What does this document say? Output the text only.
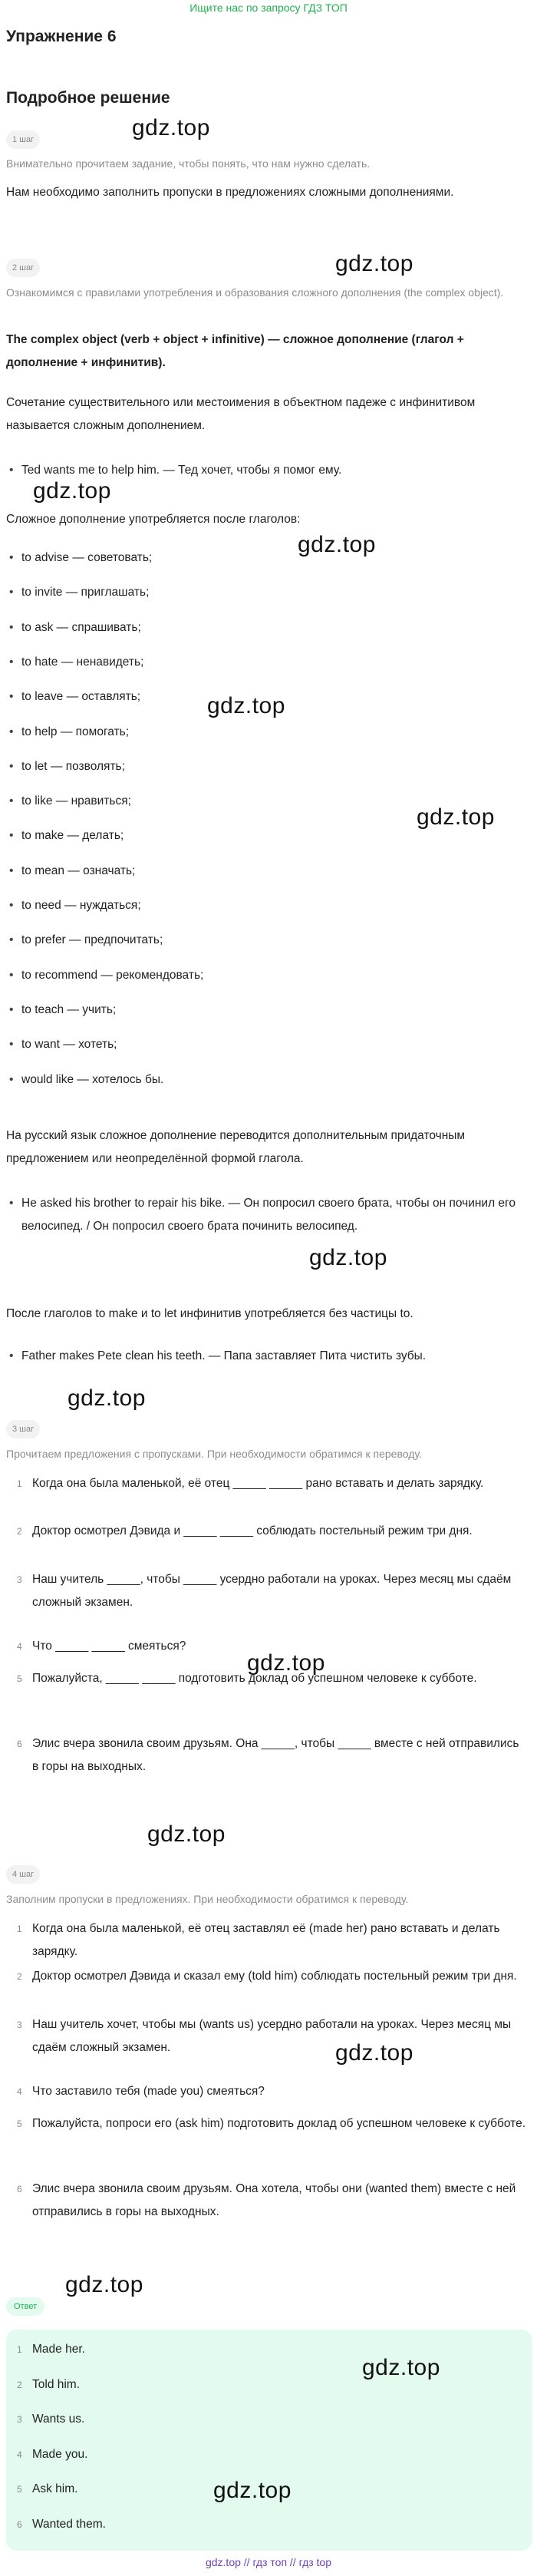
Ищите нас по запросу ГДЗ ТОП
Упражнение 6
Подробное решение
1 шаг
Внимательно прочитаем задание, чтобы понять, что нам нужно сделать.
Нам необходимо заполнить пропуски в предложениях сложными дополнениями.
2 шаг
Ознакомимся с правилами употребления и образования сложного дополнения (the complex object).
The complex object (verb + object + infinitive) — сложное дополнение (глагол + дополнение + инфинитив).
Сочетание существительного или местоимения в объектном падеже с инфинитивом называется сложным дополнением.
• Ted wants me to help him. — Тед хочет, чтобы я помог ему.
Сложное дополнение употребляется после глаголов:
• to advise — советовать;
• to invite — приглашать;
• to ask — спрашивать;
• to hate — ненавидеть;
• to leave — оставлять;
• to help — помогать;
• to let — позволять;
• to like — нравиться;
• to make — делать;
• to mean — означать;
• to need — нуждаться;
• to prefer — предпочитать;
• to recommend — рекомендовать;
• to teach — учить;
• to want — хотеть;
• would like — хотелось бы.
На русский язык сложное дополнение переводится дополнительным придаточным предложением или неопределённой формой глагола.
• He asked his brother to repair his bike. — Он попросил своего брата, чтобы он починил его велосипед. / Он попросил своего брата починить велосипед.
После глаголов to make и to let инфинитив употребляется без частицы to.
• Father makes Pete clean his teeth. — Папа заставляет Пита чистить зубы.
3 шаг
Прочитаем предложения с пропусками. При необходимости обратимся к переводу.
1 Когда она была маленькой, её отец _____ _____ рано вставать и делать зарядку.
2 Доктор осмотрел Дэвида и _____ _____ соблюдать постельный режим три дня.
3 Наш учитель _____, чтобы _____ усердно работали на уроках. Через месяц мы сдаём сложный экзамен.
4 Что _____ _____ смеяться?
5 Пожалуйста, _____ _____ подготовить доклад об успешном человеке к субботе.
6 Элис вчера звонила своим друзьям. Она _____, чтобы _____ вместе с ней отправились в горы на выходных.
4 шаг
Заполним пропуски в предложениях. При необходимости обратимся к переводу.
1 Когда она была маленькой, её отец заставлял её (made her) рано вставать и делать зарядку.
2 Доктор осмотрел Дэвида и сказал ему (told him) соблюдать постельный режим три дня.
3 Наш учитель хочет, чтобы мы (wants us) усердно работали на уроках. Через месяц мы сдаём сложный экзамен.
4 Что заставило тебя (made you) смеяться?
5 Пожалуйста, попроси его (ask him) подготовить доклад об успешном человеке к субботе.
6 Элис вчера звонила своим друзьям. Она хотела, чтобы они (wanted them) вместе с ней отправились в горы на выходных.
Ответ
1 Made her.
2 Told him.
3 Wants us.
4 Made you.
5 Ask him.
6 Wanted them.
gdz.top
gdz.top
gdz.top
gdz.top
gdz.top
gdz.top
gdz.top
gdz.top
gdz.top
gdz.top
gdz.top
gdz.top
gdz.top
gdz.top
gdz.top // гдз топ // гдз top
